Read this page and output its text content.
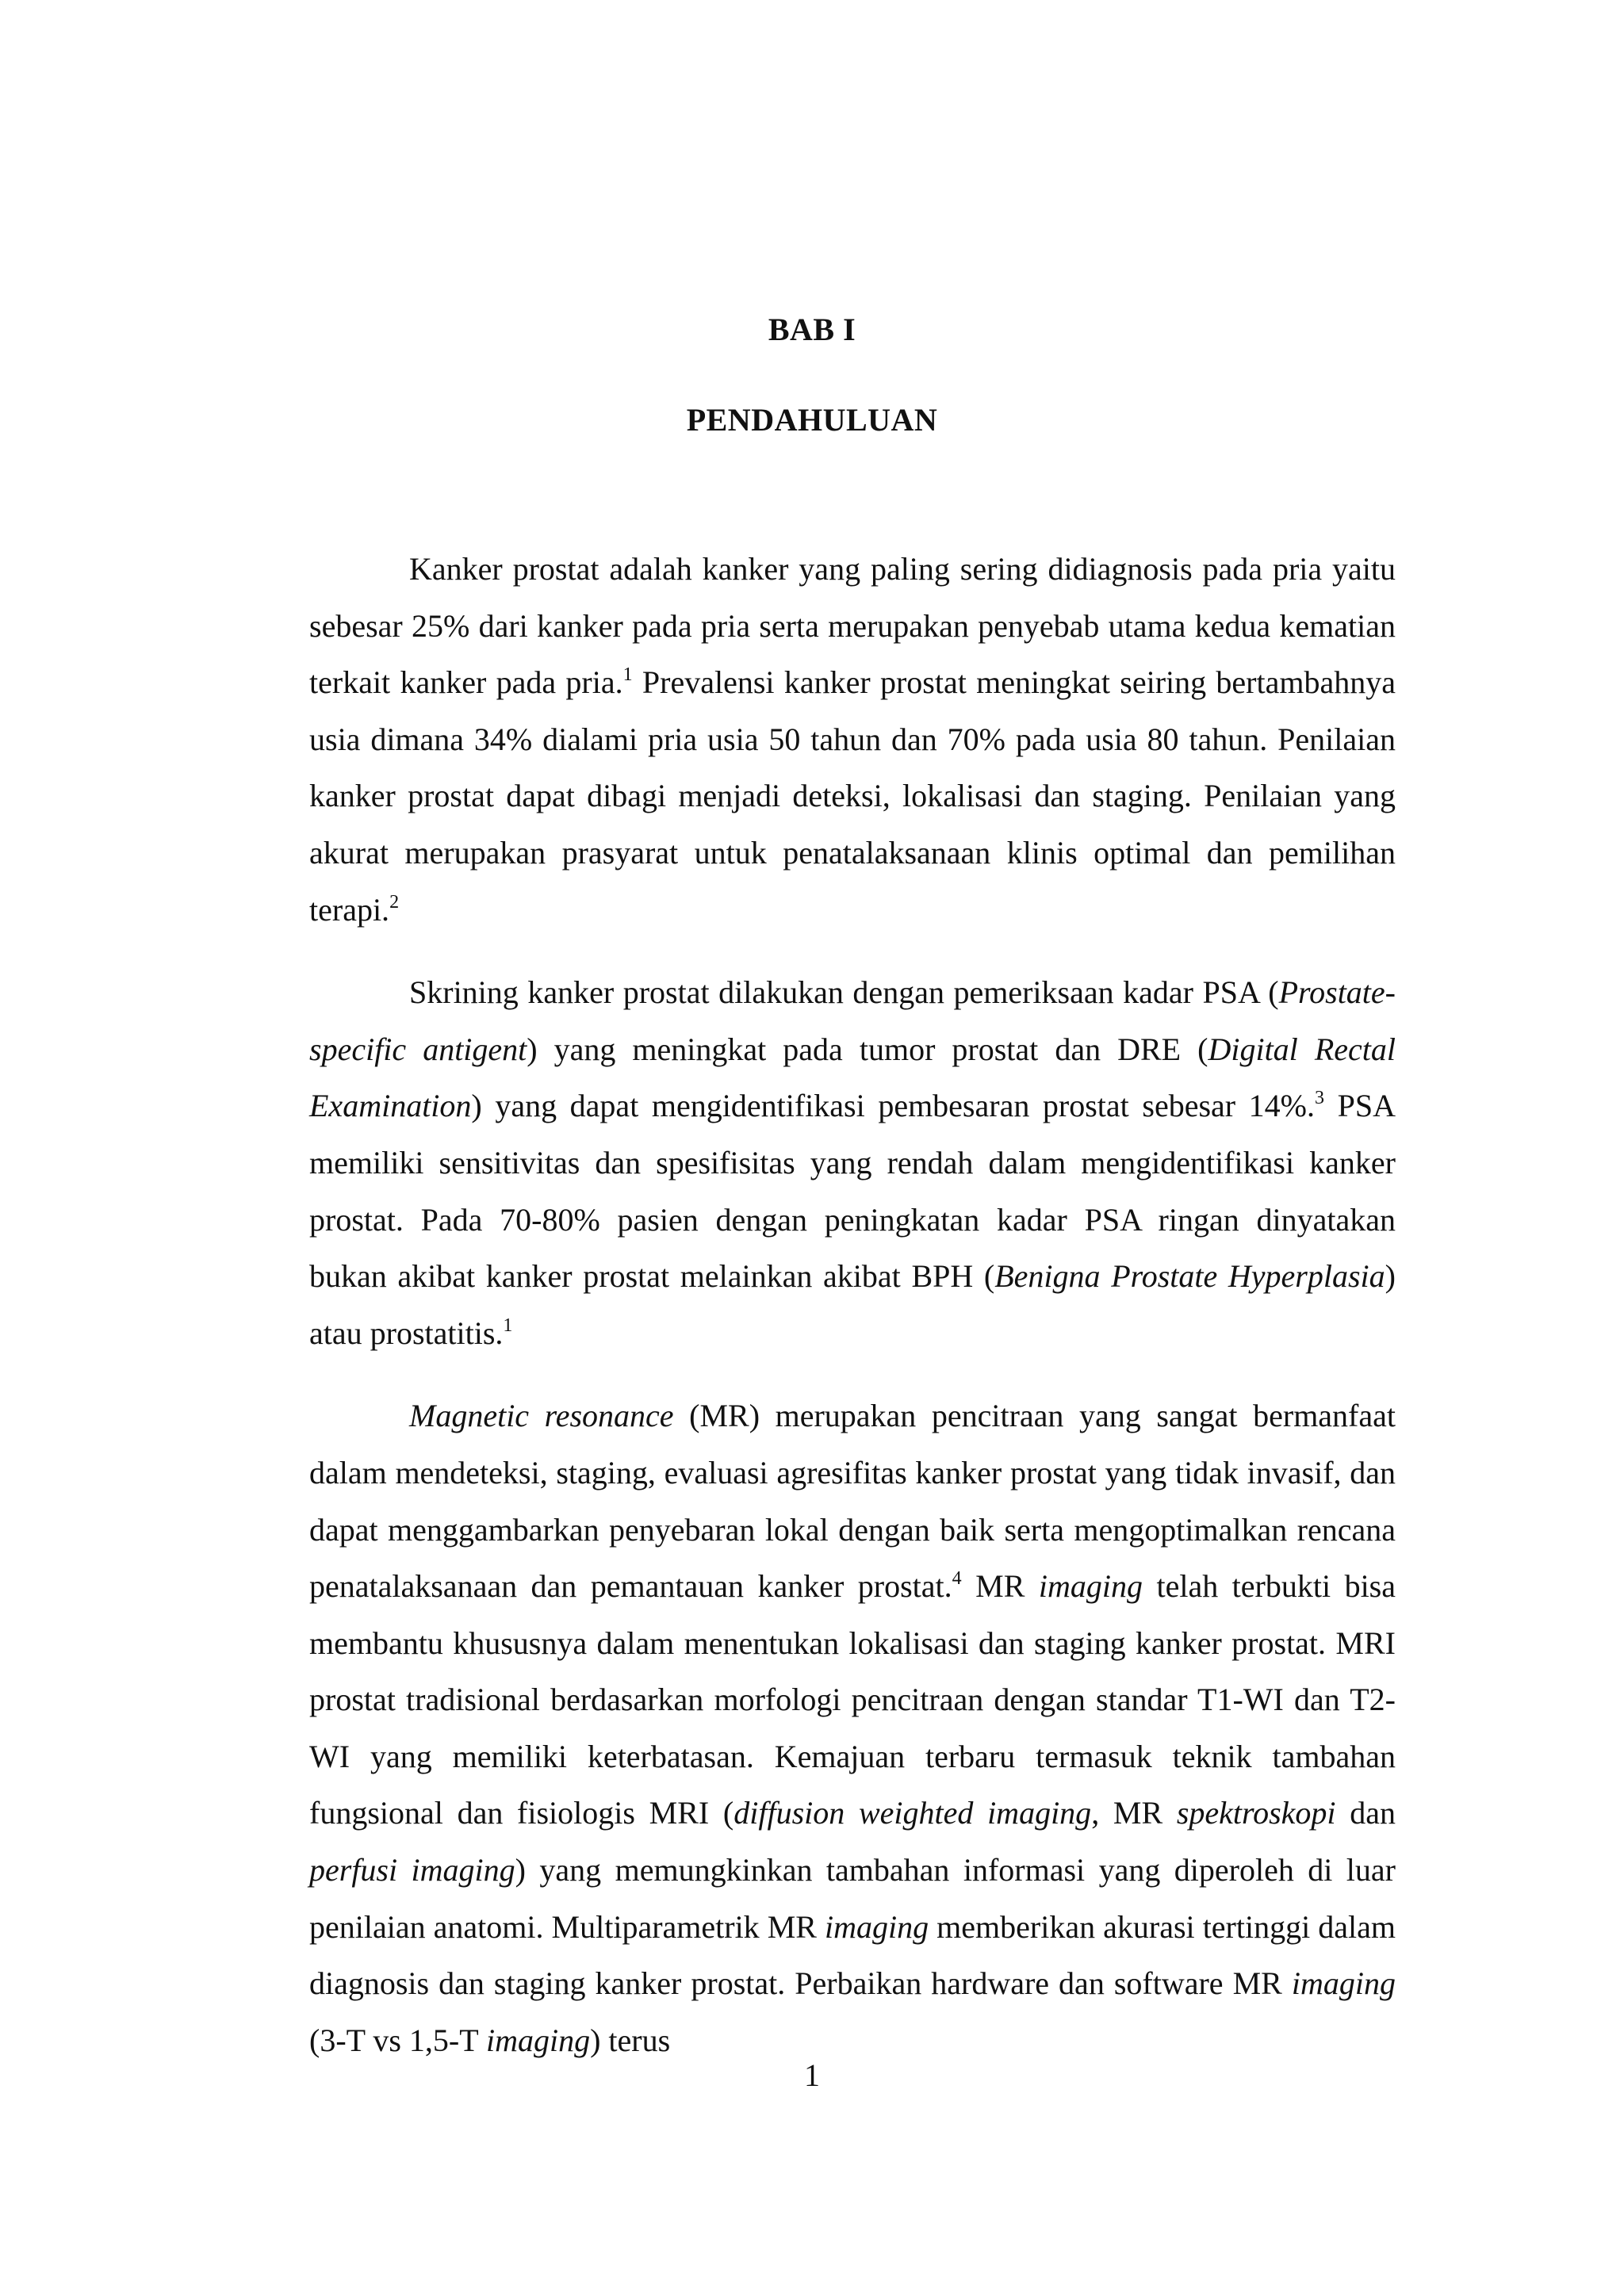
BAB I
PENDAHULUAN

Kanker prostat adalah kanker yang paling sering didiagnosis pada pria yaitu sebesar 25% dari kanker pada pria serta merupakan penyebab utama kedua kematian terkait kanker pada pria.$^1$ Prevalensi kanker prostat meningkat seiring bertambahnya usia dimana 34% dialami pria usia 50 tahun dan 70% pada usia 80 tahun. Penilaian kanker prostat dapat dibagi menjadi deteksi, lokalisasi dan staging. Penilaian yang akurat merupakan prasyarat untuk penatalaksanaan klinis optimal dan pemilihan terapi.$^2$

Skrining kanker prostat dilakukan dengan pemeriksaan kadar PSA (Prostate-specific antigent) yang meningkat pada tumor prostat dan DRE (Digital Rectal Examination) yang dapat mengidentifikasi pembesaran prostat sebesar 14%.$^3$ PSA memiliki sensitivitas dan spesifisitas yang rendah dalam mengidentifikasi kanker prostat. Pada 70-80% pasien dengan peningkatan kadar PSA ringan dinyatakan bukan akibat kanker prostat melainkan akibat BPH (Benigna Prostate Hyperplasia) atau prostatitis.$^1$

Magnetic resonance (MR) merupakan pencitraan yang sangat bermanfaat dalam mendeteksi, staging, evaluasi agresifitas kanker prostat yang tidak invasif, dan dapat menggambarkan penyebaran lokal dengan baik serta mengoptimalkan rencana penatalaksanaan dan pemantauan kanker prostat.$^4$ MR imaging telah terbukti bisa membantu khususnya dalam menentukan lokalisasi dan staging kanker prostat. MRI prostat tradisional berdasarkan morfologi pencitraan dengan standar T1-WI dan T2-WI yang memiliki keterbatasan. Kemajuan terbaru termasuk teknik tambahan fungsional dan fisiologis MRI (diffusion weighted imaging, MR spektroskopi dan perfusi imaging) yang memungkinkan tambahan informasi yang diperoleh di luar penilaian anatomi. Multiparametrik MR imaging memberikan akurasi tertinggi dalam diagnosis dan staging kanker prostat. Perbaikan hardware dan software MR imaging (3-T vs 1,5-T imaging) terus

1
